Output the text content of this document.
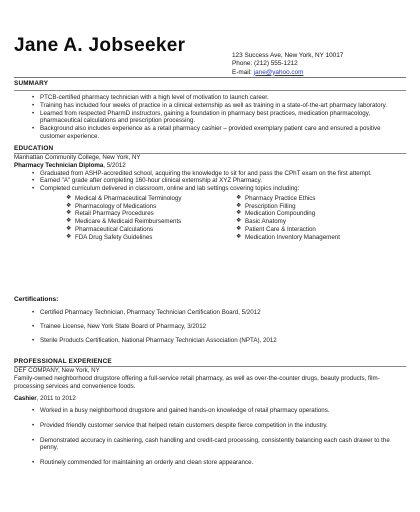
Jane A. Jobseeker	123 Success Ave, New York, NY 10017
Phone: (212) 555-1212
E-mail: jane@yahoo.com
SUMMARY
• PTCB-certified pharmacy technician with a high level of motivation to launch career.
• Training has included four weeks of practice in a clinical externship as well as training in a state-of-the-art pharmacy laboratory.
• Learned from respected PharmD instructors, gaining a foundation in pharmacy best practices, medication pharmacology, pharmaceutical calculations and prescription processing.
• Background also includes experience as a retail pharmacy cashier – provided exemplary patient care and ensured a positive customer experience.
EDUCATION
Manhattan Community College, New York, NY
Pharmacy Technician Diploma, 5/2012
• Graduated from ASHP-accredited school, acquiring the knowledge to sit for and pass the CPhT exam on the first attempt.
• Earned "A" grade after completing 160-hour clinical externship at XYZ Pharmacy.
• Completed curriculum delivered in classroom, online and lab settings covering topics including:
❖ Medical & Pharmaceutical Terminology
❖ Pharmacology of Medications
❖ Retail Pharmacy Procedures
❖ Medicare & Medicaid Reimbursements
❖ Pharmaceutical Calculations
❖ FDA Drug Safety Guidelines
❖ Pharmacy Practice Ethics
❖ Prescription Filling
❖ Medication Compounding
❖ Basic Anatomy
❖ Patient Care & Interaction
❖ Medication Inventory Management
Certifications:
• Certified Pharmacy Technician, Pharmacy Technician Certification Board, 5/2012
• Trainee License, New York State Board of Pharmacy, 3/2012
• Sterile Products Certification, National Pharmacy Technician Association (NPTA), 2012
PROFESSIONAL EXPERIENCE
DEF COMPANY, New York, NY
Family-owned neighborhood drugstore offering a full-service retail pharmacy, as well as over-the-counter drugs, beauty products, film-processing services and convenience foods.
Cashier, 2011 to 2012
• Worked in a busy neighborhood drugstore and gained hands-on knowledge of retail pharmacy operations.
• Provided friendly customer service that helped retain customers despite fierce competition in the industry.
• Demonstrated accuracy in cashiering, cash handling and credit-card processing, consistently balancing each cash drawer to the penny.
• Routinely commended for maintaining an orderly and clean store appearance.
